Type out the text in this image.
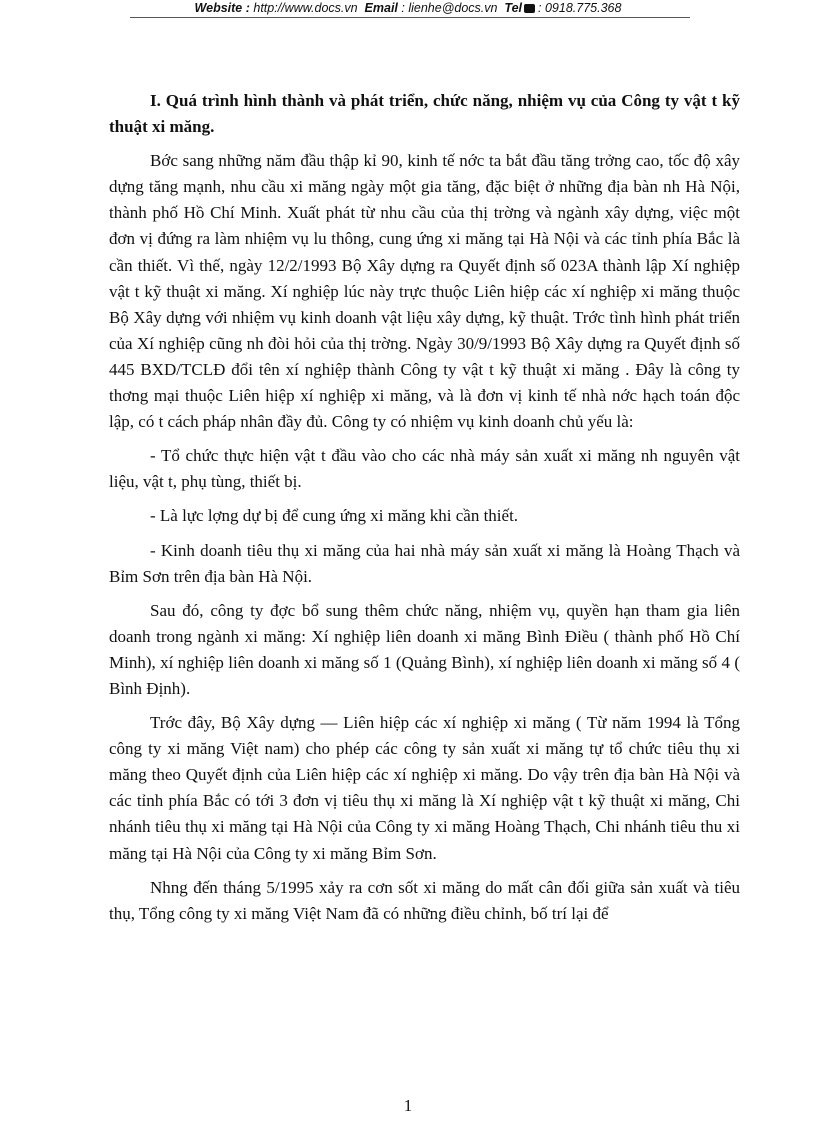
Website : http://www.docs.vn Email : lienhe@docs.vn Tel : 0918.775.368

I. Quá trình hình thành và phát triển, chức năng, nhiệm vụ của Công ty vật t kỹ thuật xi măng.

Bớc sang những năm đầu thập kỉ 90, kinh tế nớc ta bắt đầu tăng trởng cao, tốc độ xây dựng tăng mạnh, nhu cầu xi măng ngày một gia tăng, đặc biệt ở những địa bàn nh Hà Nội, thành phố Hồ Chí Minh. Xuất phát từ nhu cầu của thị trờng và ngành xây dựng, việc một đơn vị đứng ra làm nhiệm vụ lu thông, cung ứng xi măng tại Hà Nội và các tỉnh phía Bắc là cần thiết. Vì thế, ngày 12/2/1993 Bộ Xây dựng ra Quyết định số 023A thành lập Xí nghiệp vật t kỹ thuật xi măng. Xí nghiệp lúc này trực thuộc Liên hiệp các xí nghiệp xi măng thuộc Bộ Xây dựng với nhiệm vụ kinh doanh vật liệu xây dựng, kỹ thuật. Trớc tình hình phát triển của Xí nghiệp cũng nh đòi hỏi của thị trờng. Ngày 30/9/1993 Bộ Xây dựng ra Quyết định số 445 BXD/TCLĐ đổi tên xí nghiệp thành Công ty vật t kỹ thuật xi măng . Đây là công ty thơng mại thuộc Liên hiệp xí nghiệp xi măng, và là đơn vị kinh tế nhà nớc hạch toán độc lập, có t cách pháp nhân đầy đủ. Công ty có nhiệm vụ kinh doanh chủ yếu là:

- Tổ chức thực hiện vật t đầu vào cho các nhà máy sản xuất xi măng nh nguyên vật liệu, vật t, phụ tùng, thiết bị.

- Là lực lợng dự bị để cung ứng xi măng khi cần thiết.

- Kinh doanh tiêu thụ xi măng của hai nhà máy sản xuất xi măng là Hoàng Thạch và Bỉm Sơn trên địa bàn Hà Nội.

Sau đó, công ty đợc bổ sung thêm chức năng, nhiệm vụ, quyền hạn tham gia liên doanh trong ngành xi măng: Xí nghiệp liên doanh xi măng Bình Điều ( thành phố Hồ Chí Minh), xí nghiệp liên doanh xi măng số 1 (Quảng Bình), xí nghiệp liên doanh xi măng số 4 ( Bình Định).

Trớc đây, Bộ Xây dựng — Liên hiệp các xí nghiệp xi măng ( Từ năm 1994 là Tổng công ty xi măng Việt nam) cho phép các công ty sản xuất xi măng tự tổ chức tiêu thụ xi măng theo Quyết định của Liên hiệp các xí nghiệp xi măng. Do vậy trên địa bàn Hà Nội và các tỉnh phía Bắc có tới 3 đơn vị tiêu thụ xi măng là Xí nghiệp vật t kỹ thuật xi măng, Chi nhánh tiêu thụ xi măng tại Hà Nội của Công ty xi măng Hoàng Thạch, Chi nhánh tiêu thu xi măng tại Hà Nội của Công ty xi măng Bỉm Sơn.

Nhng đến tháng 5/1995 xảy ra cơn sốt xi măng do mất cân đối giữa sản xuất và tiêu thụ, Tổng công ty xi măng Việt Nam đã có những điều chỉnh, bố trí lại để

1
